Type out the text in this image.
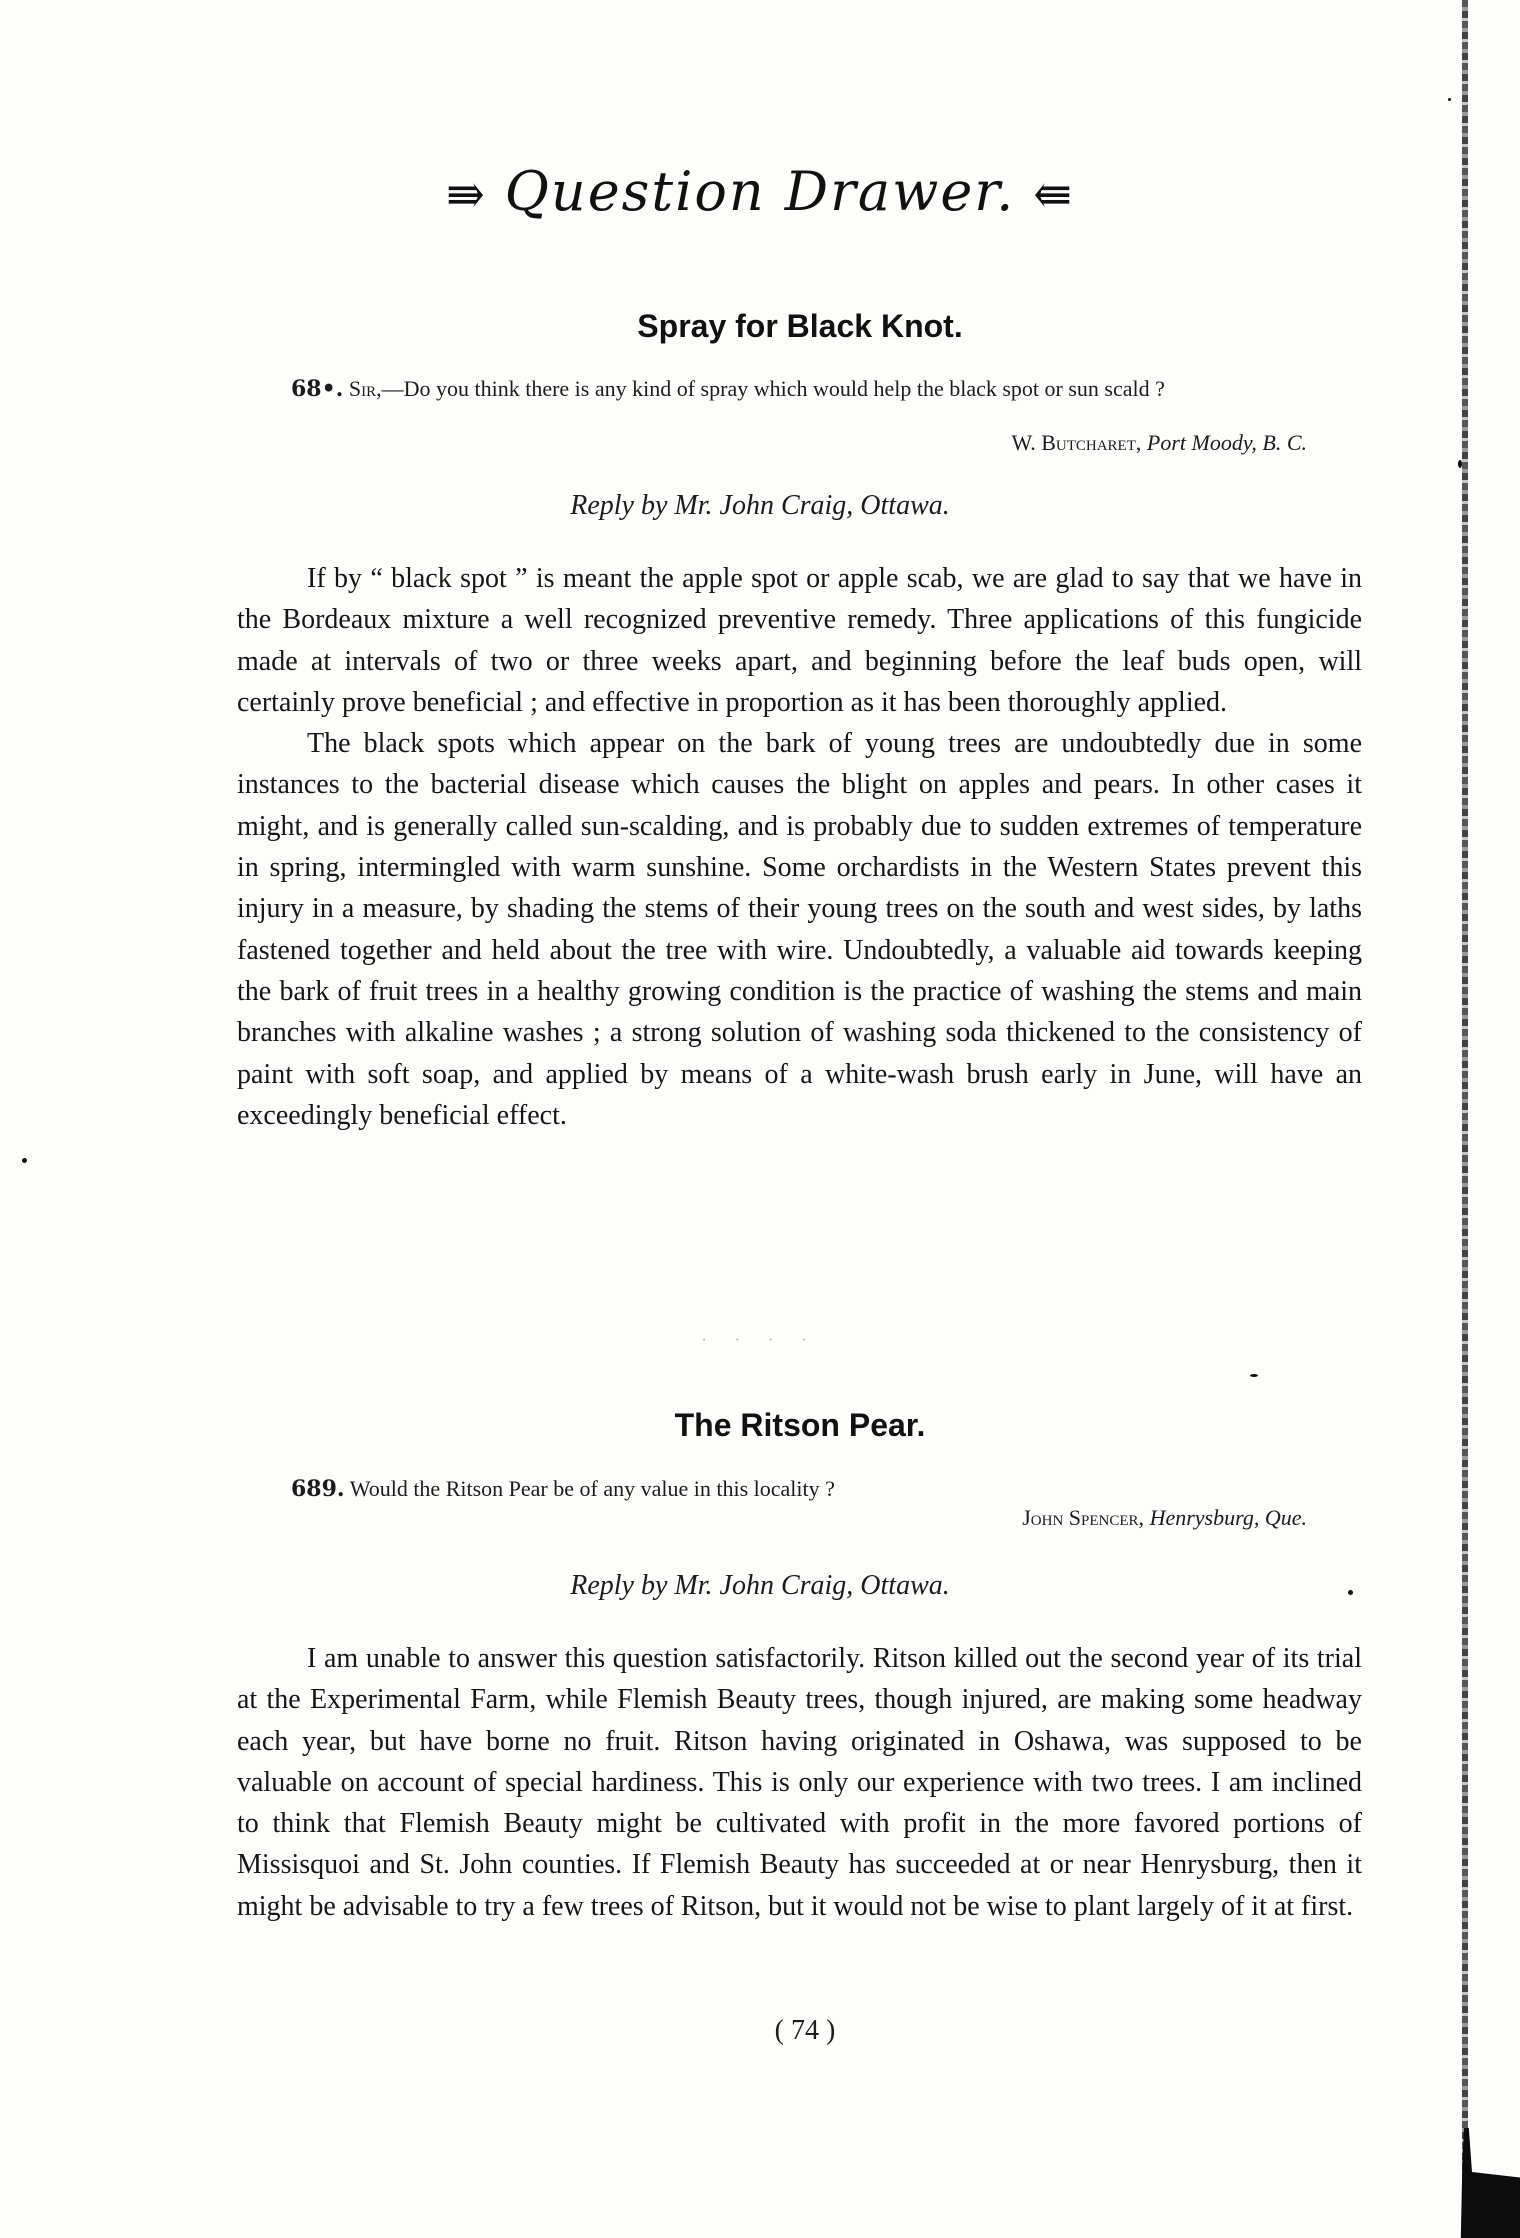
⇛ Question Drawer. ⇚
Spray for Black Knot.
68•. Sir,—Do you think there is any kind of spray which would help the black spot or sun scald ?
W. Butcharet, Port Moody, B. C.
Reply by Mr. John Craig, Ottawa.

If by “ black spot ” is meant the apple spot or apple scab, we are glad to say that we have in the Bordeaux mixture a well recognized preventive remedy. Three applications of this fungicide made at intervals of two or three weeks apart, and beginning before the leaf buds open, will certainly prove beneficial ; and effective in proportion as it has been thoroughly applied.

The black spots which appear on the bark of young trees are undoubtedly due in some instances to the bacterial disease which causes the blight on apples and pears. In other cases it might, and is generally called sun-scalding, and is probably due to sudden extremes of temperature in spring, intermingled with warm sunshine. Some orchardists in the Western States prevent this injury in a measure, by shading the stems of their young trees on the south and west sides, by laths fastened together and held about the tree with wire. Undoubtedly, a valuable aid towards keeping the bark of fruit trees in a healthy growing condition is the practice of washing the stems and main branches with alkaline washes ; a strong solution of washing soda thickened to the consistency of paint with soft soap, and applied by means of a white-wash brush early in June, will have an exceedingly beneficial effect.

· · · ·
The Ritson Pear.
689. Would the Ritson Pear be of any value in this locality ?
John Spencer, Henrysburg, Que.
Reply by Mr. John Craig, Ottawa.

I am unable to answer this question satisfactorily. Ritson killed out the second year of its trial at the Experimental Farm, while Flemish Beauty trees, though injured, are making some headway each year, but have borne no fruit. Ritson having originated in Oshawa, was supposed to be valuable on account of special hardiness. This is only our experience with two trees. I am inclined to think that Flemish Beauty might be cultivated with profit in the more favored portions of Missisquoi and St. John counties. If Flemish Beauty has succeeded at or near Henrysburg, then it might be advisable to try a few trees of Ritson, but it would not be wise to plant largely of it at first.

( 74 )
